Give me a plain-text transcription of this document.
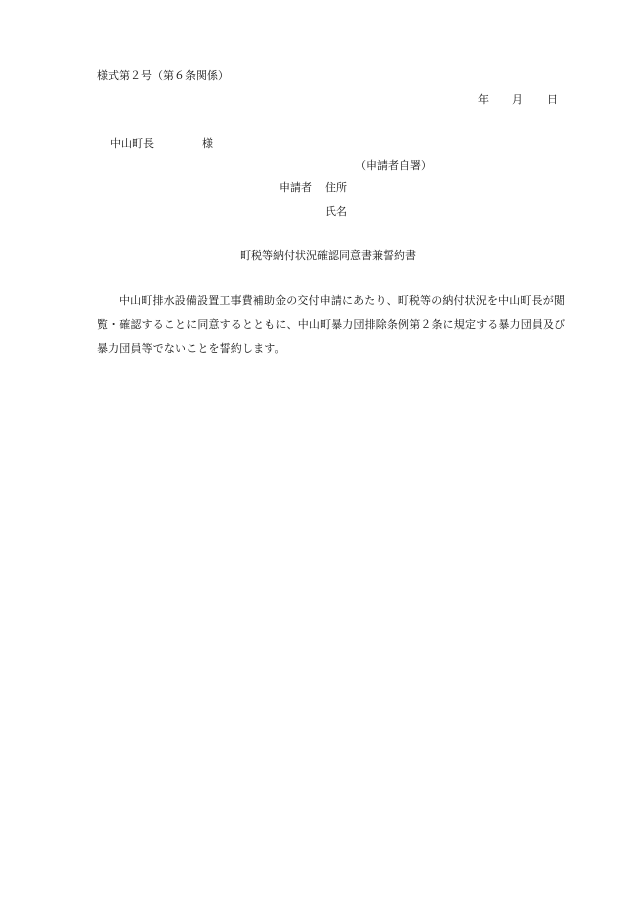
様式第２号（第６条関係）
年 月 日
中山町長	様
（申請者自署）
申請者 住所
氏名
町税等納付状況確認同意書兼誓約書
中山町排水設備設置工事費補助金の交付申請にあたり、町税等の納付状況を中山町長が閲覧・確認することに同意するとともに、中山町暴力団排除条例第２条に規定する暴力団員及び暴力団員等でないことを誓約します。
